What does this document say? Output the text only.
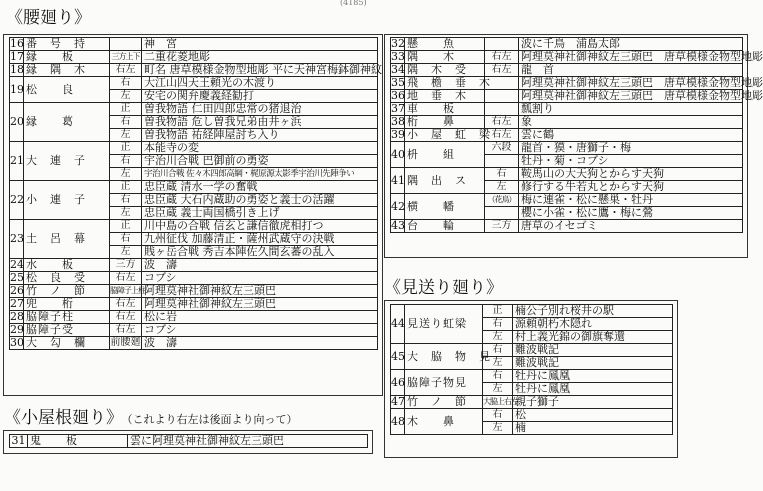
(4185)
《腰廻り》
16	番　号　持		神　宮
17	縁　　板	三方上下	二重花菱地彫
18	縁　隅　木	右左	町名 唐草模様金物型地彫 平に天神宮梅鉢御神紋
19	松　　良	右	大江山四天王頼光の木渡り
		左	安宅の関弁慶義経勧打
20	縁　　葛	正	曽我物語 仁田四郎忠常の猪退治
		右	曽我物語 危し曽我兄弟由井ヶ浜
		左	曽我物語 祐経陣屋討ち入り
21	大　連　子	正	本能寺の変
		右	宇治川合戦 巴御前の勇姿
		左	宇治川合戦 佐々木四郎高綱・梶原源太影季宇治川先陣争い
22	小　連　子	正	忠臣蔵 清水一学の奮戦
		右	忠臣蔵 大石内蔵助の勇姿と義士の活躍
		左	忠臣蔵 義士両国橋引き上げ
23	土　呂　幕	正	川中島の合戦 信玄と謙信徹虎相打つ
		右	九州征伐 加藤清正・薩州武蔵守の決戦
		左	賎ヶ岳合戦 秀吉本陣佐久間玄蕃の乱入
24	水　　板	三方	波　濤
25	松　良　受	右左	コブシ
26	竹　ノ　節	脇障子上柱	阿理莫神社御神紋左三頭巴
27	兜　　桁	右左	阿理莫神社御神紋左三頭巴
28	脇障子柱	右左	松に岩
29	脇障子受	右左	コブシ
30	大　勾　欄	前腰廻	波　濤
《小屋根廻り》 （これより右左は後面より向って）
31	鬼　　板	雲に阿理莫神社御神紋左三頭巴
32	懸　　魚		波に千鳥　浦島太郎
33	隅　　木	右左	阿理莫神社御神紋左三頭巴　唐草模様金物型地彫
34	隅　木　受	右左	龍　首
35	飛　檐　垂　木		阿理莫神社御神紋左三頭巴　唐草模様金物型地彫
36	地　垂　木		阿理莫神社御神紋左三頭巴　唐草模様金物型地彫
37	車　　板		瓢割り
38	桁　　鼻	右左	象
39	小　屋　虹　梁	右左	雲に鶴
40	枡　　組	六段	龍首・獏・唐獅子・梅
			牡丹・菊・コブシ
41	隅　出　ス	右	鞍馬山の大天狗とからす天狗
		左	修行する牛若丸とからす天狗
42	横　　幡	（花鳥）	梅に連雀・松に懸巣・牡丹
			櫻に小雀・松に鷹・梅に鶯
43	台　　輪	三方	唐草のイセゴミ
《見送り廻り》
44	見送り虹梁	正	楠公子別れ桜井の駅
		右	源頼朝朽木隠れ
		左	村上義光錦の御旗奪還
45	大　脇　物　見	右	難波戦記
		左	難波戦記
46	脇障子物見	右	牡丹に鳳凰
		左	牡丹に鳳凰
47	竹　ノ　節	大脇上右左	親子獅子
48	木　　鼻	右	松
		左	楠
